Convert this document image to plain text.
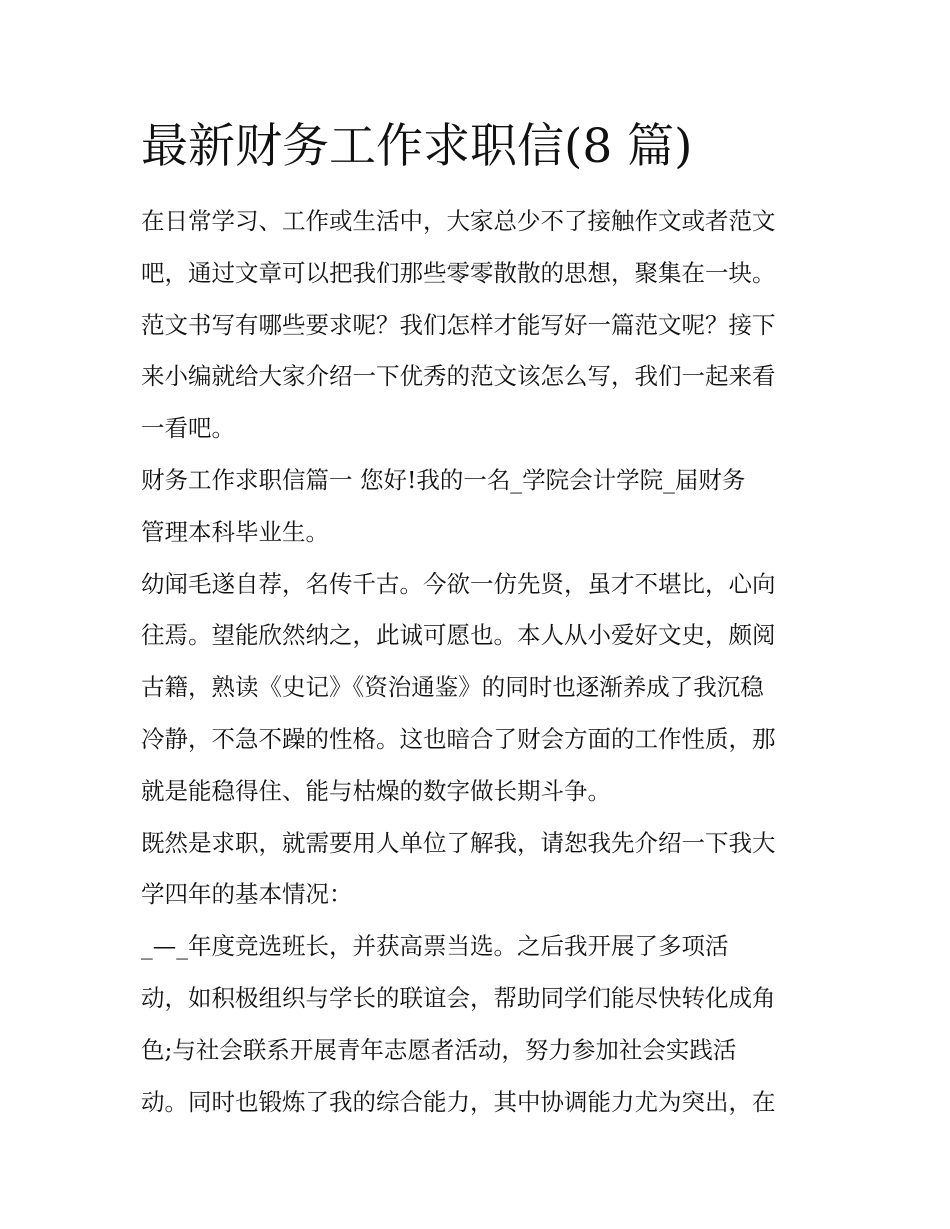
最新财务工作求职信(8 篇)
在日常学习、工作或生活中，大家总少不了接触作文或者范文
吧，通过文章可以把我们那些零零散散的思想，聚集在一块。
范文书写有哪些要求呢？我们怎样才能写好一篇范文呢？接下
来小编就给大家介绍一下优秀的范文该怎么写，我们一起来看
一看吧。
财务工作求职信篇一 您好!我的一名_学院会计学院_届财务
管理本科毕业生。
幼闻毛遂自荐，名传千古。今欲一仿先贤，虽才不堪比，心向
往焉。望能欣然纳之，此诚可愿也。本人从小爱好文史，颇阅
古籍，熟读《史记》《资治通鉴》的同时也逐渐养成了我沉稳
冷静，不急不躁的性格。这也暗合了财会方面的工作性质，那
就是能稳得住、能与枯燥的数字做长期斗争。
既然是求职，就需要用人单位了解我，请恕我先介绍一下我大
学四年的基本情况：
_—_年度竞选班长，并获高票当选。之后我开展了多项活
动，如积极组织与学长的联谊会，帮助同学们能尽快转化成角
色;与社会联系开展青年志愿者活动，努力参加社会实践活
动。同时也锻炼了我的综合能力，其中协调能力尤为突出，在
